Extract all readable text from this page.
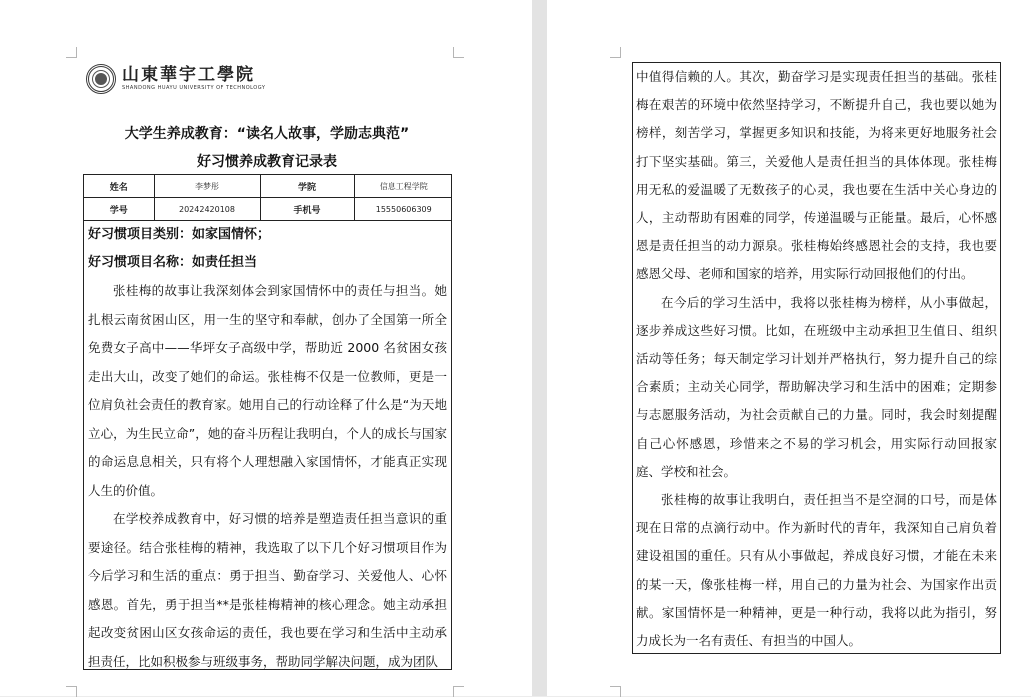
山東華宇工學院
SHANDONG HUAYU UNIVERSITY OF TECHNOLOGY
大学生养成教育：“读名人故事，学励志典范”
好习惯养成教育记录表
姓名	李梦彤	学院	信息工程学院
学号	20242420108	手机号	15550606309
好习惯项目类别：如家国情怀；
好习惯项目名称：如责任担当

张桂梅的故事让我深刻体会到家国情怀中的责任与担当。她扎根云南贫困山区，用一生的坚守和奉献，创办了全国第一所全免费女子高中——华坪女子高级中学，帮助近 2000 名贫困女孩走出大山，改变了她们的命运。张桂梅不仅是一位教师，更是一位肩负社会责任的教育家。她用自己的行动诠释了什么是“为天地立心，为生民立命”，她的奋斗历程让我明白，个人的成长与国家的命运息息相关，只有将个人理想融入家国情怀，才能真正实现人生的价值。

在学校养成教育中，好习惯的培养是塑造责任担当意识的重要途径。结合张桂梅的精神，我选取了以下几个好习惯项目作为今后学习和生活的重点：勇于担当、勤奋学习、关爱他人、心怀感恩。首先，勇于担当**是张桂梅精神的核心理念。她主动承担起改变贫困山区女孩命运的责任，我也要在学习和生活中主动承担责任，比如积极参与班级事务，帮助同学解决问题，成为团队

中值得信赖的人。其次，勤奋学习是实现责任担当的基础。张桂梅在艰苦的环境中依然坚持学习，不断提升自己，我也要以她为榜样，刻苦学习，掌握更多知识和技能，为将来更好地服务社会打下坚实基础。第三，关爱他人是责任担当的具体体现。张桂梅用无私的爱温暖了无数孩子的心灵，我也要在生活中关心身边的人，主动帮助有困难的同学，传递温暖与正能量。最后，心怀感恩是责任担当的动力源泉。张桂梅始终感恩社会的支持，我也要感恩父母、老师和国家的培养，用实际行动回报他们的付出。

在今后的学习生活中，我将以张桂梅为榜样，从小事做起，逐步养成这些好习惯。比如，在班级中主动承担卫生值日、组织活动等任务；每天制定学习计划并严格执行，努力提升自己的综合素质；主动关心同学，帮助解决学习和生活中的困难；定期参与志愿服务活动，为社会贡献自己的力量。同时，我会时刻提醒自己心怀感恩，珍惜来之不易的学习机会，用实际行动回报家庭、学校和社会。

张桂梅的故事让我明白，责任担当不是空洞的口号，而是体现在日常的点滴行动中。作为新时代的青年，我深知自己肩负着建设祖国的重任。只有从小事做起，养成良好习惯，才能在未来的某一天，像张桂梅一样，用自己的力量为社会、为国家作出贡献。家国情怀是一种精神，更是一种行动，我将以此为指引，努力成长为一名有责任、有担当的中国人。
